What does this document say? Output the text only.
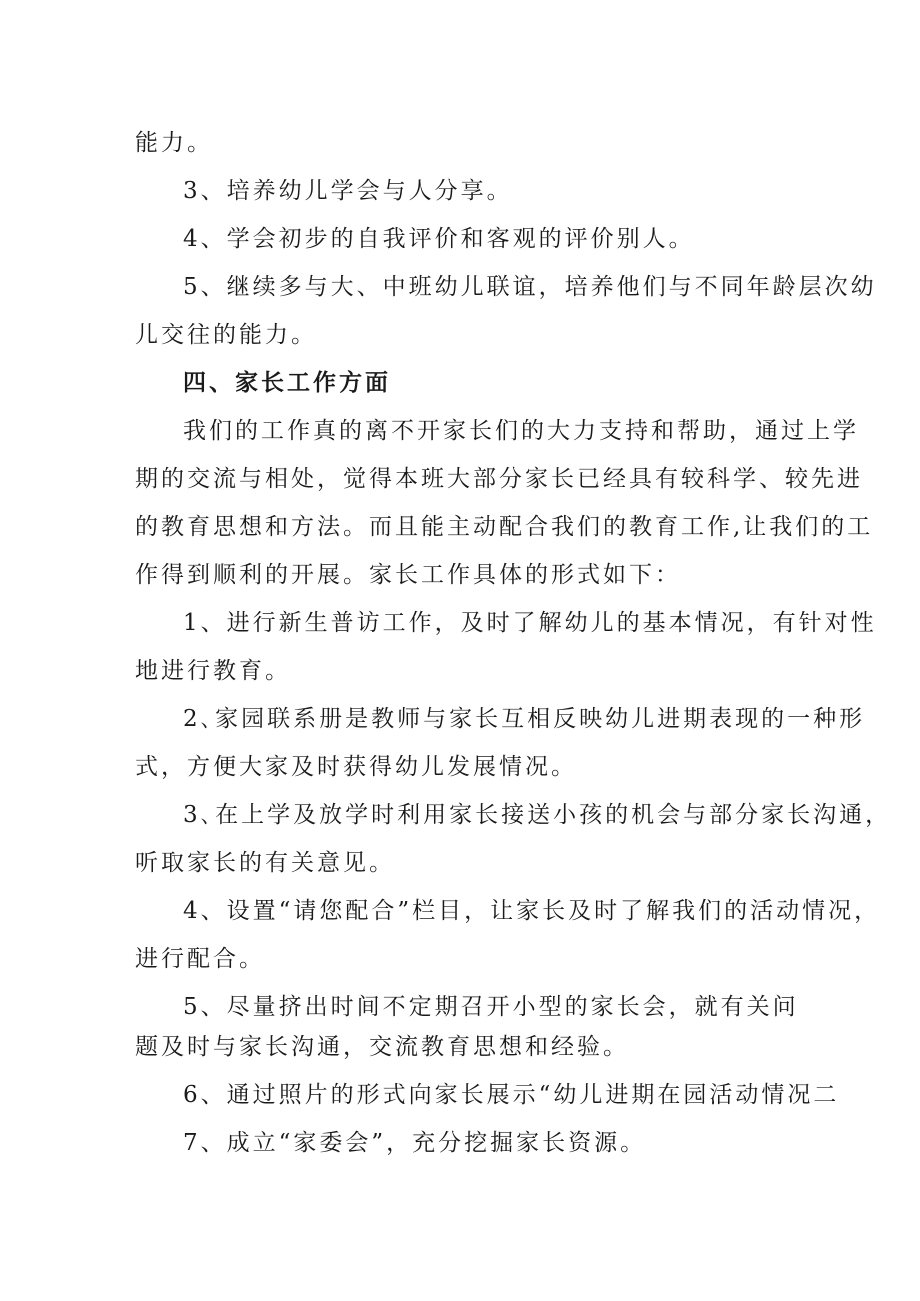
能力。
3、培养幼儿学会与人分享。
4、学会初步的自我评价和客观的评价别人。
5、继续多与大、中班幼儿联谊，培养他们与不同年龄层次幼
儿交往的能力。
四、家长工作方面
我们的工作真的离不开家长们的大力支持和帮助，通过上学
期的交流与相处，觉得本班大部分家长已经具有较科学、较先进
的教育思想和方法。而且能主动配合我们的教育工作,让我们的工
作得到顺利的开展。家长工作具体的形式如下：
1、进行新生普访工作，及时了解幼儿的基本情况，有针对性
地进行教育。
2､家园联系册是教师与家长互相反映幼儿进期表现的一种形
式，方便大家及时获得幼儿发展情况。
3､在上学及放学时利用家长接送小孩的机会与部分家长沟通，
听取家长的有关意见。
4、设置“请您配合”栏目，让家长及时了解我们的活动情况，
进行配合。
5、尽量挤出时间不定期召开小型的家长会，就有关问
题及时与家长沟通，交流教育思想和经验。
6、通过照片的形式向家长展示“幼儿进期在园活动情况二
7、成立“家委会”，充分挖掘家长资源。
